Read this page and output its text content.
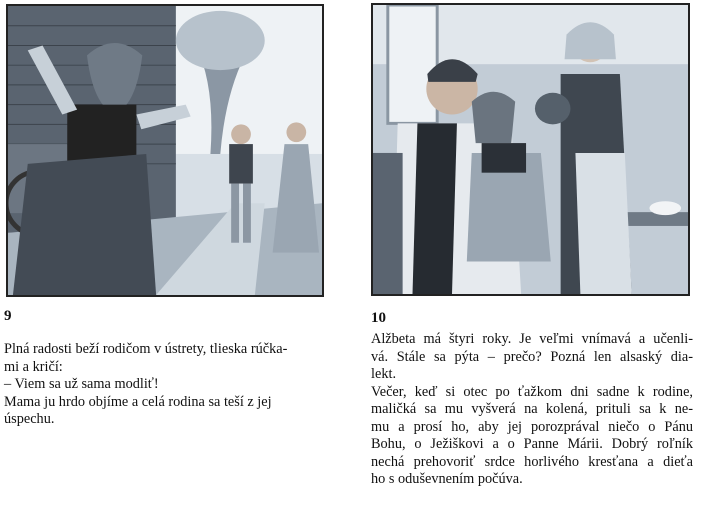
9
Plná radosti beží rodičom v ústrety, tlieska rúčka-
mi a kričí:
– Viem sa už sama modliť!
Mama ju hrdo objíme a celá rodina sa teší z jej
úspechu.
10
Alžbeta má štyri roky. Je veľmi vnímavá a učenli-
vá. Stále sa pýta – prečo? Pozná len alsaský dia-
lekt.
Večer, keď si otec po ťažkom dni sadne k rodine,
maličká sa mu vyšverá na kolená, prituli sa k ne-
mu a prosí ho, aby jej porozprával niečo o Pánu
Bohu, o Ježiškovi a o Panne Márii. Dobrý roľník
nechá prehovoriť srdce horlivého kresťana a dieťa
ho s oduševnením počúva.
